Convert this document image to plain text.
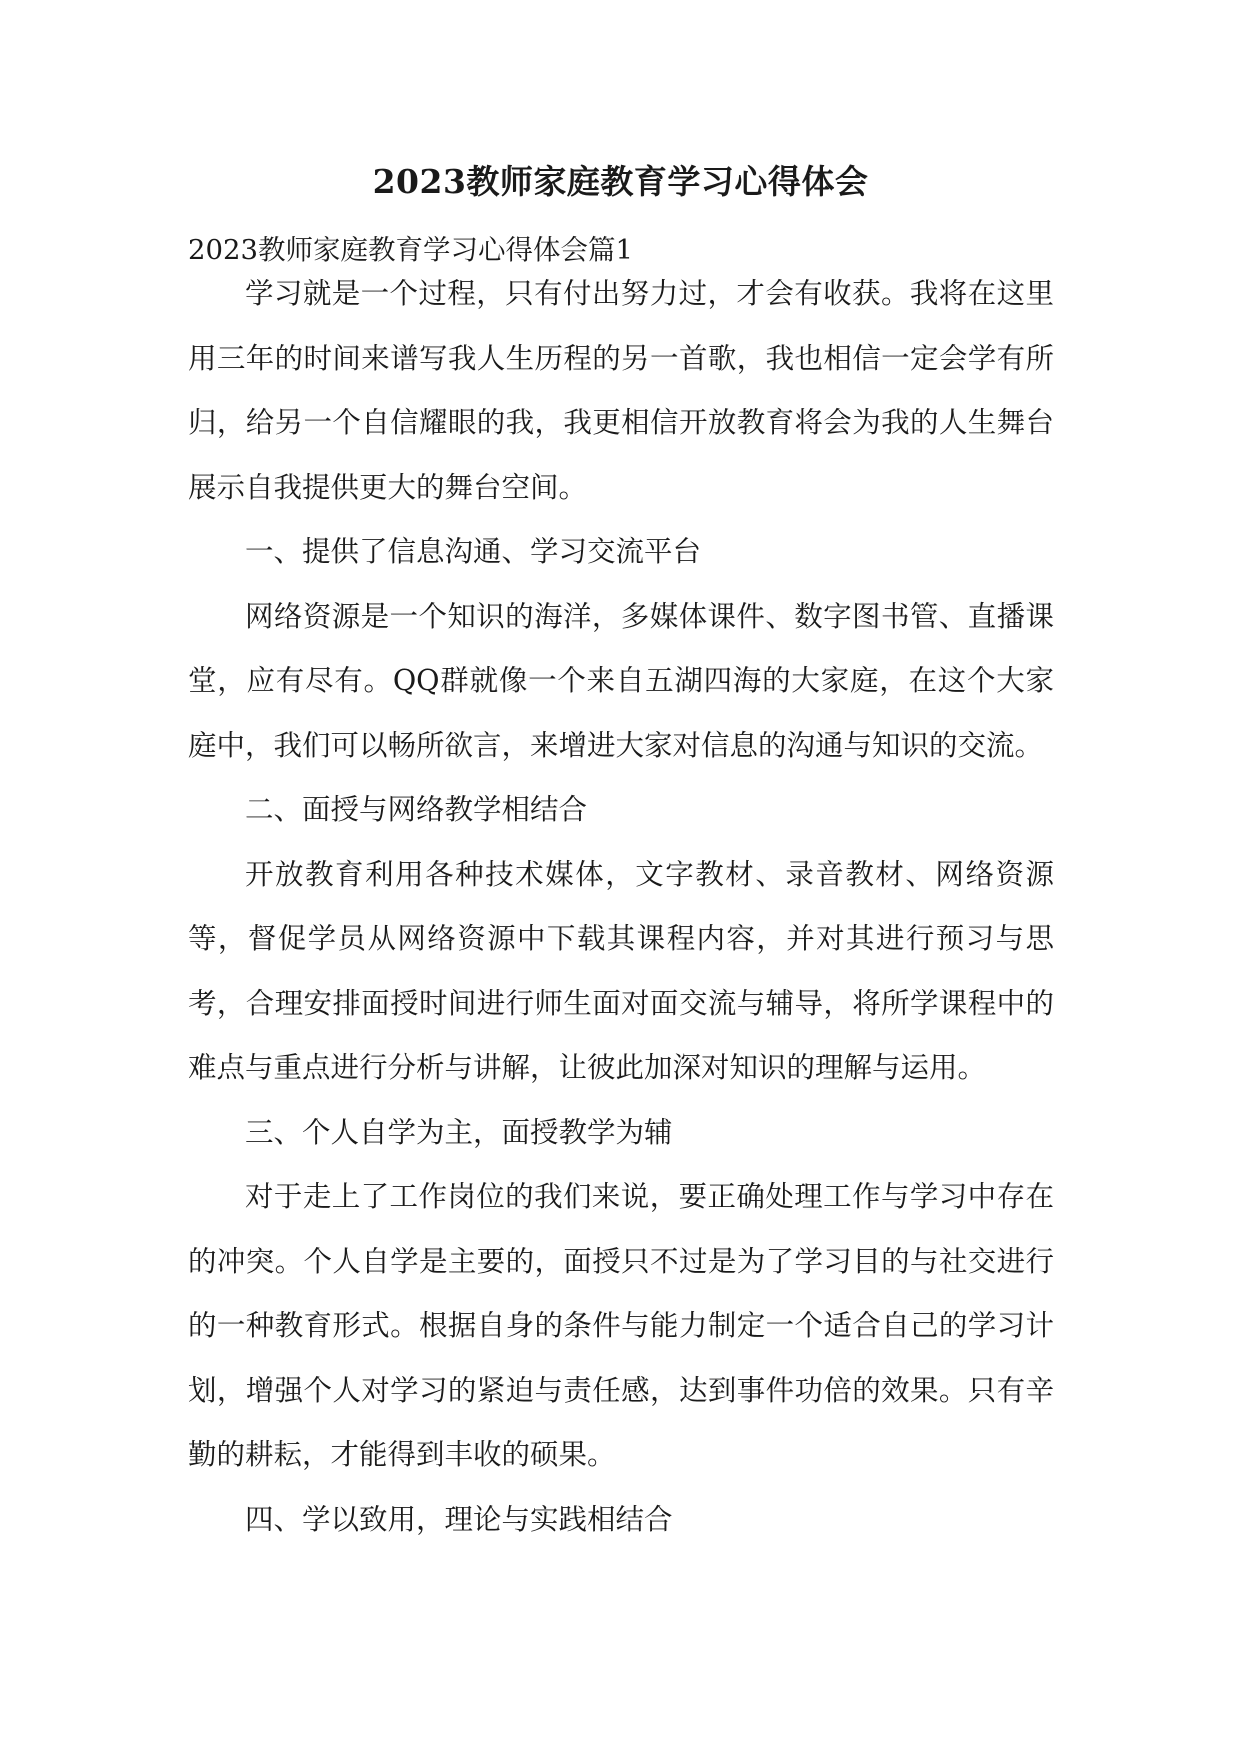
2023教师家庭教育学习心得体会
2023教师家庭教育学习心得体会篇1

学习就是一个过程，只有付出努力过，才会有收获。我将在这里用三年的时间来谱写我人生历程的另一首歌，我也相信一定会学有所归，给另一个自信耀眼的我，我更相信开放教育将会为我的人生舞台展示自我提供更大的舞台空间。

一、提供了信息沟通、学习交流平台

网络资源是一个知识的海洋，多媒体课件、数字图书管、直播课堂，应有尽有。QQ群就像一个来自五湖四海的大家庭，在这个大家庭中，我们可以畅所欲言，来增进大家对信息的沟通与知识的交流。

二、面授与网络教学相结合

开放教育利用各种技术媒体，文字教材、录音教材、网络资源等，督促学员从网络资源中下载其课程内容，并对其进行预习与思考，合理安排面授时间进行师生面对面交流与辅导，将所学课程中的难点与重点进行分析与讲解，让彼此加深对知识的理解与运用。

三、个人自学为主，面授教学为辅

对于走上了工作岗位的我们来说，要正确处理工作与学习中存在的冲突。个人自学是主要的，面授只不过是为了学习目的与社交进行的一种教育形式。根据自身的条件与能力制定一个适合自己的学习计划，增强个人对学习的紧迫与责任感，达到事件功倍的效果。只有辛勤的耕耘，才能得到丰收的硕果。

四、学以致用，理论与实践相结合
